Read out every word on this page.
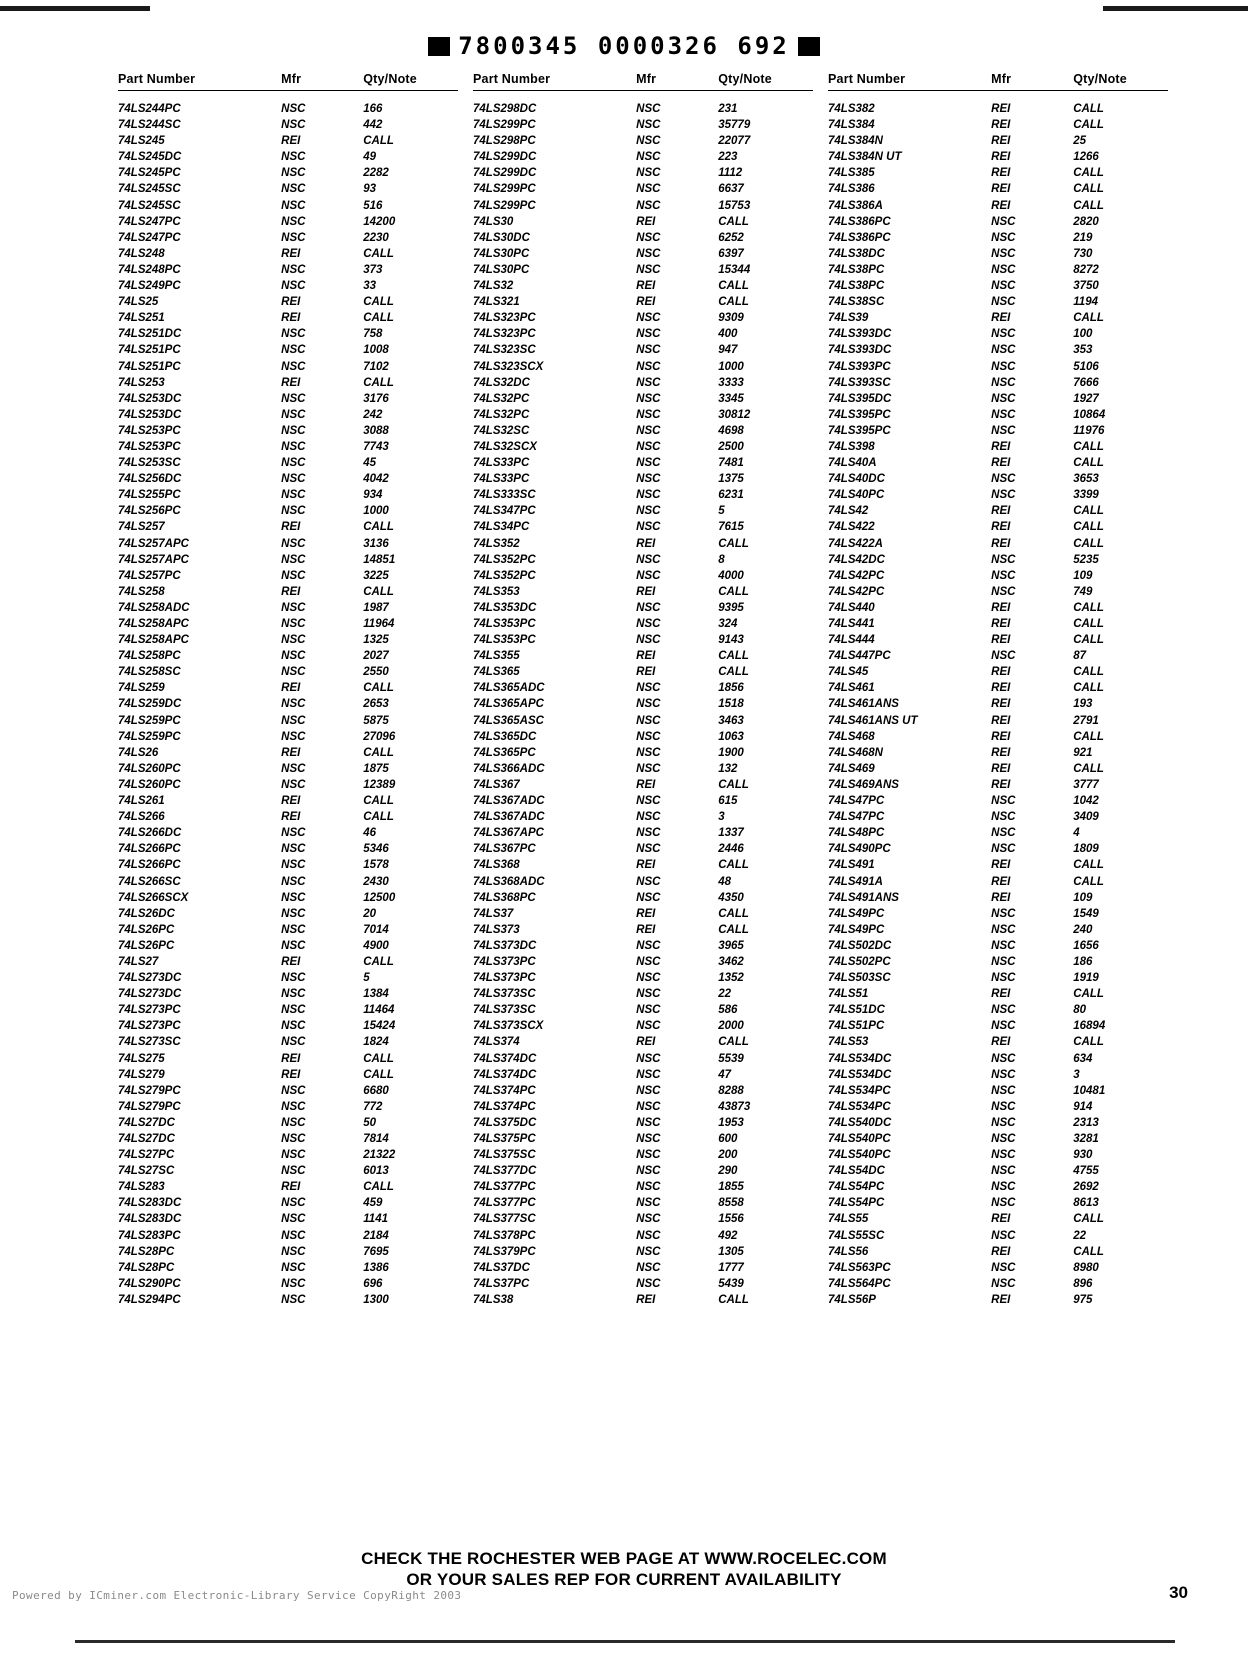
7800345 0000326 692
Part Number	Mfr	Qty/Note
74LS244PC	NSC	166
74LS244SC	NSC	442
74LS245	REI	CALL
74LS245DC	NSC	49
74LS245PC	NSC	2282
74LS245SC	NSC	93
74LS245SC	NSC	516
74LS247PC	NSC	14200
74LS247PC	NSC	2230
74LS248	REI	CALL
74LS248PC	NSC	373
74LS249PC	NSC	33
74LS25	REI	CALL
74LS251	REI	CALL
74LS251DC	NSC	758
74LS251PC	NSC	1008
74LS251PC	NSC	7102
74LS253	REI	CALL
74LS253DC	NSC	3176
74LS253DC	NSC	242
74LS253PC	NSC	3088
74LS253PC	NSC	7743
74LS253SC	NSC	45
74LS256DC	NSC	4042
74LS255PC	NSC	934
74LS256PC	NSC	1000
74LS257	REI	CALL
74LS257APC	NSC	3136
74LS257APC	NSC	14851
74LS257PC	NSC	3225
74LS258	REI	CALL
74LS258ADC	NSC	1987
74LS258APC	NSC	11964
74LS258APC	NSC	1325
74LS258PC	NSC	2027
74LS258SC	NSC	2550
74LS259	REI	CALL
74LS259DC	NSC	2653
74LS259PC	NSC	5875
74LS259PC	NSC	27096
74LS26	REI	CALL
74LS260PC	NSC	1875
74LS260PC	NSC	12389
74LS261	REI	CALL
74LS266	REI	CALL
74LS266DC	NSC	46
74LS266PC	NSC	5346
74LS266PC	NSC	1578
74LS266SC	NSC	2430
74LS266SCX	NSC	12500
74LS26DC	NSC	20
74LS26PC	NSC	7014
74LS26PC	NSC	4900
74LS27	REI	CALL
74LS273DC	NSC	5
74LS273DC	NSC	1384
74LS273PC	NSC	11464
74LS273PC	NSC	15424
74LS273SC	NSC	1824
74LS275	REI	CALL
74LS279	REI	CALL
74LS279PC	NSC	6680
74LS279PC	NSC	772
74LS27DC	NSC	50
74LS27DC	NSC	7814
74LS27PC	NSC	21322
74LS27SC	NSC	6013
74LS283	REI	CALL
74LS283DC	NSC	459
74LS283DC	NSC	1141
74LS283PC	NSC	2184
74LS28PC	NSC	7695
74LS28PC	NSC	1386
74LS290PC	NSC	696
74LS294PC	NSC	1300
Part Number	Mfr	Qty/Note
74LS298DC	NSC	231
74LS299PC	NSC	35779
74LS298PC	NSC	22077
74LS299DC	NSC	223
74LS299DC	NSC	1112
74LS299PC	NSC	6637
74LS299PC	NSC	15753
74LS30	REI	CALL
74LS30DC	NSC	6252
74LS30PC	NSC	6397
74LS30PC	NSC	15344
74LS32	REI	CALL
74LS321	REI	CALL
74LS323PC	NSC	9309
74LS323PC	NSC	400
74LS323SC	NSC	947
74LS323SCX	NSC	1000
74LS32DC	NSC	3333
74LS32PC	NSC	3345
74LS32PC	NSC	30812
74LS32SC	NSC	4698
74LS32SCX	NSC	2500
74LS33PC	NSC	7481
74LS33PC	NSC	1375
74LS333SC	NSC	6231
74LS347PC	NSC	5
74LS34PC	NSC	7615
74LS352	REI	CALL
74LS352PC	NSC	8
74LS352PC	NSC	4000
74LS353	REI	CALL
74LS353DC	NSC	9395
74LS353PC	NSC	324
74LS353PC	NSC	9143
74LS355	REI	CALL
74LS365	REI	CALL
74LS365ADC	NSC	1856
74LS365APC	NSC	1518
74LS365ASC	NSC	3463
74LS365DC	NSC	1063
74LS365PC	NSC	1900
74LS366ADC	NSC	132
74LS367	REI	CALL
74LS367ADC	NSC	615
74LS367ADC	NSC	3
74LS367APC	NSC	1337
74LS367PC	NSC	2446
74LS368	REI	CALL
74LS368ADC	NSC	48
74LS368PC	NSC	4350
74LS37	REI	CALL
74LS373	REI	CALL
74LS373DC	NSC	3965
74LS373PC	NSC	3462
74LS373PC	NSC	1352
74LS373SC	NSC	22
74LS373SC	NSC	586
74LS373SCX	NSC	2000
74LS374	REI	CALL
74LS374DC	NSC	5539
74LS374DC	NSC	47
74LS374PC	NSC	8288
74LS374PC	NSC	43873
74LS375DC	NSC	1953
74LS375PC	NSC	600
74LS375SC	NSC	200
74LS377DC	NSC	290
74LS377PC	NSC	1855
74LS377PC	NSC	8558
74LS377SC	NSC	1556
74LS378PC	NSC	492
74LS379PC	NSC	1305
74LS37DC	NSC	1777
74LS37PC	NSC	5439
74LS38	REI	CALL
Part Number	Mfr	Qty/Note
74LS382	REI	CALL
74LS384	REI	CALL
74LS384N	REI	25
74LS384N UT	REI	1266
74LS385	REI	CALL
74LS386	REI	CALL
74LS386A	REI	CALL
74LS386PC	NSC	2820
74LS386PC	NSC	219
74LS38DC	NSC	730
74LS38PC	NSC	8272
74LS38PC	NSC	3750
74LS38SC	NSC	1194
74LS39	REI	CALL
74LS393DC	NSC	100
74LS393DC	NSC	353
74LS393PC	NSC	5106
74LS393SC	NSC	7666
74LS395DC	NSC	1927
74LS395PC	NSC	10864
74LS395PC	NSC	11976
74LS398	REI	CALL
74LS40A	REI	CALL
74LS40DC	NSC	3653
74LS40PC	NSC	3399
74LS42	REI	CALL
74LS422	REI	CALL
74LS422A	REI	CALL
74LS42DC	NSC	5235
74LS42PC	NSC	109
74LS42PC	NSC	749
74LS440	REI	CALL
74LS441	REI	CALL
74LS444	REI	CALL
74LS447PC	NSC	87
74LS45	REI	CALL
74LS461	REI	CALL
74LS461ANS	REI	193
74LS461ANS UT	REI	2791
74LS468	REI	CALL
74LS468N	REI	921
74LS469	REI	CALL
74LS469ANS	REI	3777
74LS47PC	NSC	1042
74LS47PC	NSC	3409
74LS48PC	NSC	4
74LS490PC	NSC	1809
74LS491	REI	CALL
74LS491A	REI	CALL
74LS491ANS	REI	109
74LS49PC	NSC	1549
74LS49PC	NSC	240
74LS502DC	NSC	1656
74LS502PC	NSC	186
74LS503SC	NSC	1919
74LS51	REI	CALL
74LS51DC	NSC	80
74LS51PC	NSC	16894
74LS53	REI	CALL
74LS534DC	NSC	634
74LS534DC	NSC	3
74LS534PC	NSC	10481
74LS534PC	NSC	914
74LS540DC	NSC	2313
74LS540PC	NSC	3281
74LS540PC	NSC	930
74LS54DC	NSC	4755
74LS54PC	NSC	2692
74LS54PC	NSC	8613
74LS55	REI	CALL
74LS55SC	NSC	22
74LS56	REI	CALL
74LS563PC	NSC	8980
74LS564PC	NSC	896
74LS56P	REI	975
CHECK THE ROCHESTER WEB PAGE AT WWW.ROCELEC.COM
OR YOUR SALES REP FOR CURRENT AVAILABILITY
30
Powered by ICminer.com Electronic-Library Service CopyRight 2003
